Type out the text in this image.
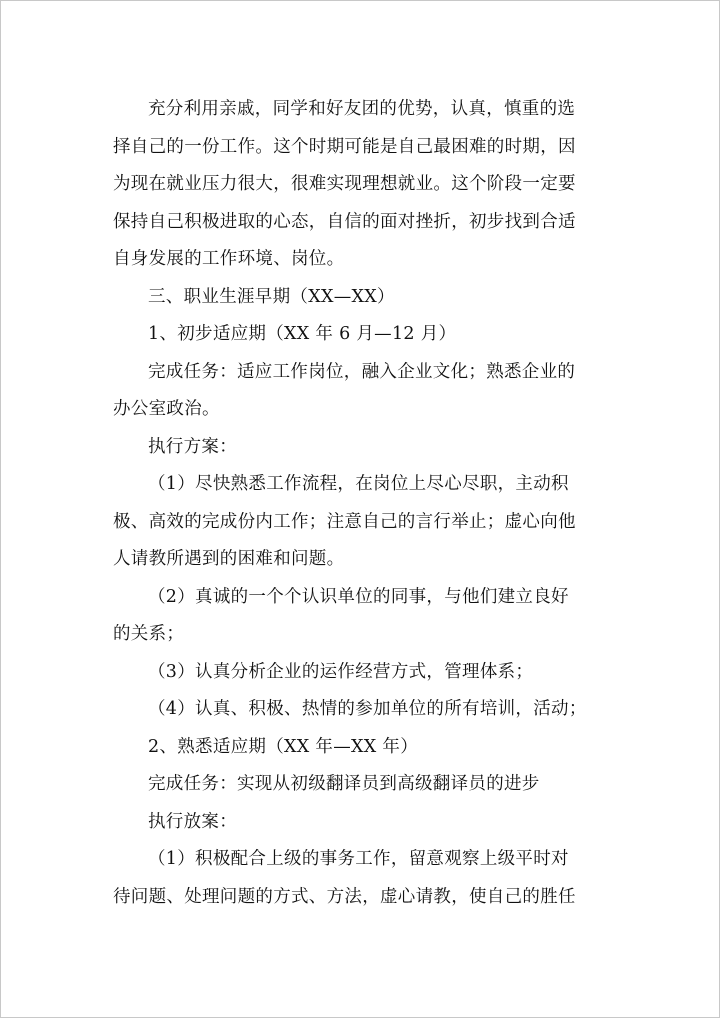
充分利用亲戚，同学和好友团的优势，认真，慎重的选
择自己的一份工作。这个时期可能是自己最困难的时期，因
为现在就业压力很大，很难实现理想就业。这个阶段一定要
保持自己积极进取的心态，自信的面对挫折，初步找到合适
自身发展的工作环境、岗位。

三、职业生涯早期（XX—XX）

1、初步适应期（XX 年 6 月—12 月）

完成任务：适应工作岗位，融入企业文化；熟悉企业的
办公室政治。

执行方案：

（1）尽快熟悉工作流程，在岗位上尽心尽职，主动积
极、高效的完成份内工作；注意自己的言行举止；虚心向他
人请教所遇到的困难和问题。

（2）真诚的一个个认识单位的同事，与他们建立良好
的关系；

（3）认真分析企业的运作经营方式，管理体系；

（4）认真、积极、热情的参加单位的所有培训，活动；

2、熟悉适应期（XX 年—XX 年）

完成任务：实现从初级翻译员到高级翻译员的进步

执行放案：

（1）积极配合上级的事务工作，留意观察上级平时对
待问题、处理问题的方式、方法，虚心请教，使自己的胜任
